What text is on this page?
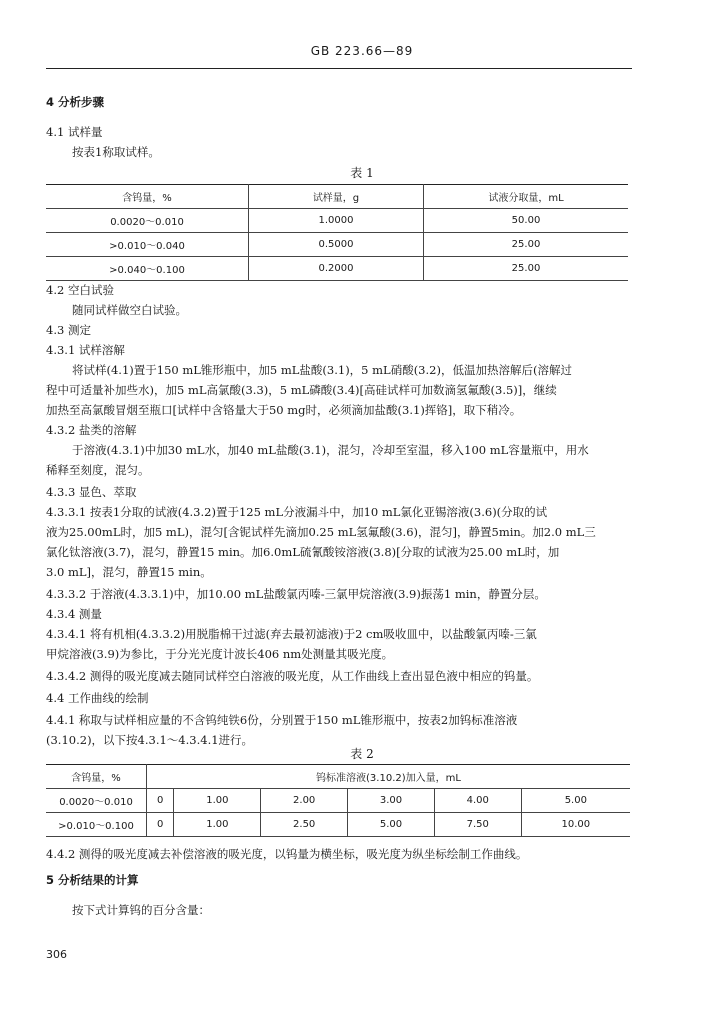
GB 223.66—89
4 分析步骤
4.1 试样量
按表1称取试样。
4.2 空白试验
随同试样做空白试验。
4.3 测定
4.3.1 试样溶解
将试样(4.1)置于150 mL锥形瓶中，加5 mL盐酸(3.1)，5 mL硝酸(3.2)，低温加热溶解后(溶解过
程中可适量补加些水)，加5 mL高氯酸(3.3)，5 mL磷酸(3.4)[高硅试样可加数滴氢氟酸(3.5)]，继续
加热至高氯酸冒烟至瓶口[试样中含铬量大于50 mg时，必须滴加盐酸(3.1)挥铬]，取下稍冷。
4.3.2 盐类的溶解
于溶液(4.3.1)中加30 mL水，加40 mL盐酸(3.1)，混匀，冷却至室温，移入100 mL容量瓶中，用水
稀释至刻度，混匀。
4.3.3 显色、萃取
4.3.3.1 按表1分取的试液(4.3.2)置于125 mL分液漏斗中，加10 mL氯化亚锡溶液(3.6)(分取的试
液为25.00mL时，加5 mL)，混匀[含铌试样先滴加0.25 mL氢氟酸(3.6)，混匀]，静置5min。加2.0 mL三
氯化钛溶液(3.7)，混匀，静置15 min。加6.0mL硫氰酸铵溶液(3.8)[分取的试液为25.00 mL时，加
3.0 mL]，混匀，静置15 min。
4.3.3.2 于溶液(4.3.3.1)中，加10.00 mL盐酸氯丙嗪-三氯甲烷溶液(3.9)振荡1 min，静置分层。
4.3.4 测量
4.3.4.1 将有机相(4.3.3.2)用脱脂棉干过滤(弃去最初滤液)于2 cm吸收皿中，以盐酸氯丙嗪-三氯
甲烷溶液(3.9)为参比，于分光光度计波长406 nm处测量其吸光度。
4.3.4.2 测得的吸光度减去随同试样空白溶液的吸光度，从工作曲线上查出显色液中相应的钨量。
4.4 工作曲线的绘制
4.4.1 称取与试样相应量的不含钨纯铁6份，分别置于150 mL锥形瓶中，按表2加钨标准溶液
(3.10.2)，以下按4.3.1～4.3.4.1进行。
4.4.2 测得的吸光度减去补偿溶液的吸光度，以钨量为横坐标，吸光度为纵坐标绘制工作曲线。
5 分析结果的计算
按下式计算钨的百分含量：
表 1
含钨量，%	试样量，g	试液分取量，mL
0.0020～0.010	1.0000	50.00
>0.010～0.040	0.5000	25.00
>0.040～0.100	0.2000	25.00
表 2
含钨量，%	钨标准溶液(3.10.2)加入量，mL					
0.0020～0.010	0	1.00	2.00	3.00	4.00	5.00
>0.010～0.100	0	1.00	2.50	5.00	7.50	10.00
306
